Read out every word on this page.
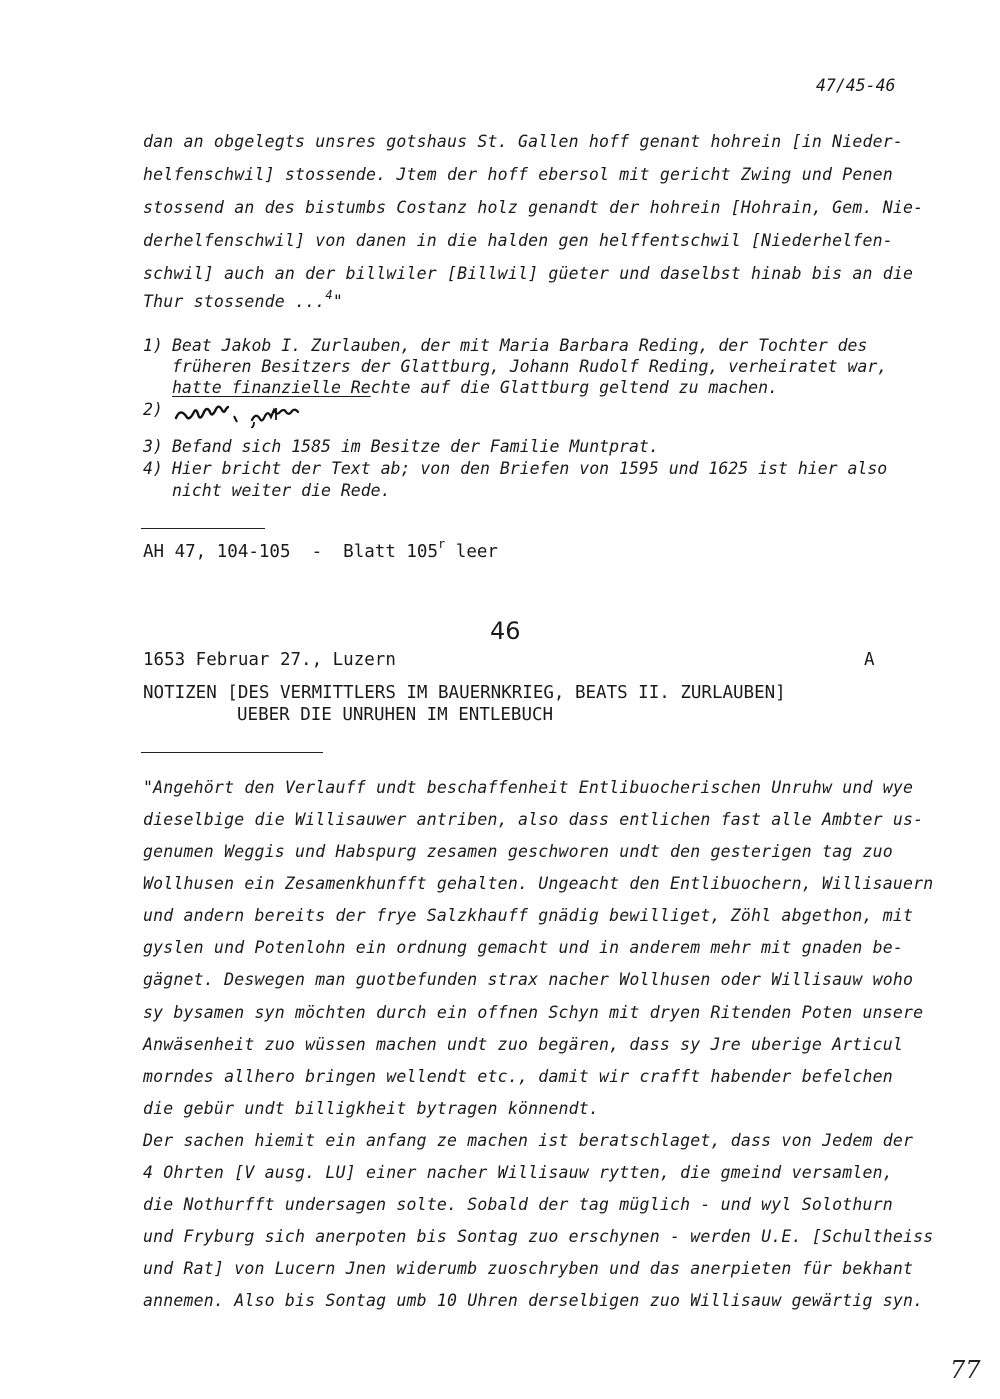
47/45-46
dan an obgelegts unsres gotshaus St. Gallen hoff genant hohrein [in Nieder-
helfenschwil] stossende. Jtem der hoff ebersol mit gericht Zwing und Penen
stossend an des bistumbs Costanz holz genandt der hohrein [Hohrain, Gem. Nie-
derhelfenschwil] von danen in die halden gen helffentschwil [Niederhelfen-
schwil] auch an der billwiler [Billwil] güeter und daselbst hinab bis an die
Thur stossende ...$^4$"
1) Beat Jakob I. Zurlauben, der mit Maria Barbara Reding, der Tochter des
früheren Besitzers der Glattburg, Johann Rudolf Reding, verheiratet war,
hatte finanzielle Rechte auf die Glattburg geltend zu machen.
2)
3) Befand sich 1585 im Besitze der Familie Muntprat.
4) Hier bricht der Text ab; von den Briefen von 1595 und 1625 ist hier also
nicht weiter die Rede.
AH 47, 104-105  -  Blatt 105$^r$ leer
46
1653 Februar 27., Luzern	A
NOTIZEN [DES VERMITTLERS IM BAUERNKRIEG, BEATS II. ZURLAUBEN]
UEBER DIE UNRUHEN IM ENTLEBUCH
"Angehört den Verlauff undt beschaffenheit Entlibuocherischen Unruhw und wye
dieselbige die Willisauwer antriben, also dass entlichen fast alle Ambter us-
genumen Weggis und Habspurg zesamen geschworen undt den gesterigen tag zuo
Wollhusen ein Zesamenkhunfft gehalten. Ungeacht den Entlibuochern, Willisauern
und andern bereits der frye Salzkhauff gnädig bewilliget, Zöhl abgethon, mit
gyslen und Potenlohn ein ordnung gemacht und in anderem mehr mit gnaden be-
gägnet. Deswegen man guotbefunden strax nacher Wollhusen oder Willisauw woho
sy bysamen syn möchten durch ein offnen Schyn mit dryen Ritenden Poten unsere
Anwäsenheit zuo wüssen machen undt zuo begären, dass sy Jre uberige Articul
morndes allhero bringen wellendt etc., damit wir crafft habender befelchen
die gebür undt billigkheit bytragen könnendt.
Der sachen hiemit ein anfang ze machen ist beratschlaget, dass von Jedem der
4 Ohrten [V ausg. LU] einer nacher Willisauw rytten, die gmeind versamlen,
die Nothurfft undersagen solte. Sobald der tag müglich - und wyl Solothurn
und Fryburg sich anerpoten bis Sontag zuo erschynen - werden U.E. [Schultheiss
und Rat] von Lucern Jnen widerumb zuoschryben und das anerpieten für bekhant
annemen. Also bis Sontag umb 10 Uhren derselbigen zuo Willisauw gewärtig syn.
77
